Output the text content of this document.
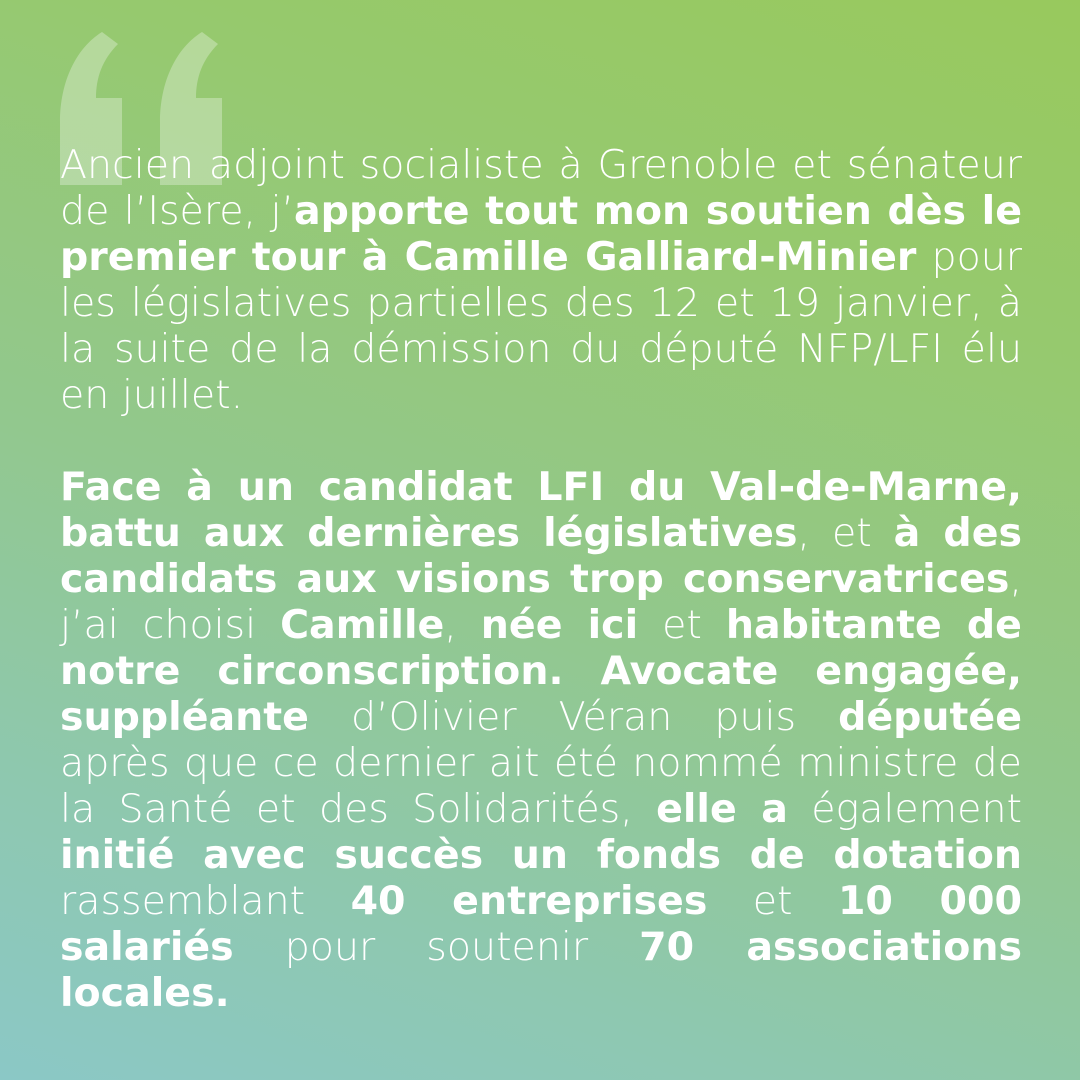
Ancien adjoint socialiste à Grenoble et sénateur de l’Isère, j’apporte tout mon soutien dès le premier tour à Camille Galliard-Minier pour les législatives partielles des 12 et 19 janvier, à la suite de la démission du député NFP/LFI élu en juillet.

Face à un candidat LFI du Val-de-Marne, battu aux dernières législatives, et à des candidats aux visions trop conservatrices, j’ai choisi Camille, née ici et habitante de notre circonscription. Avocate engagée, suppléante d’Olivier Véran puis députée après que ce dernier ait été nommé ministre de la Santé et des Solidarités, elle a également initié avec succès un fonds de dotation rassemblant 40 entreprises et 10 000 salariés pour soutenir 70 associations locales.
